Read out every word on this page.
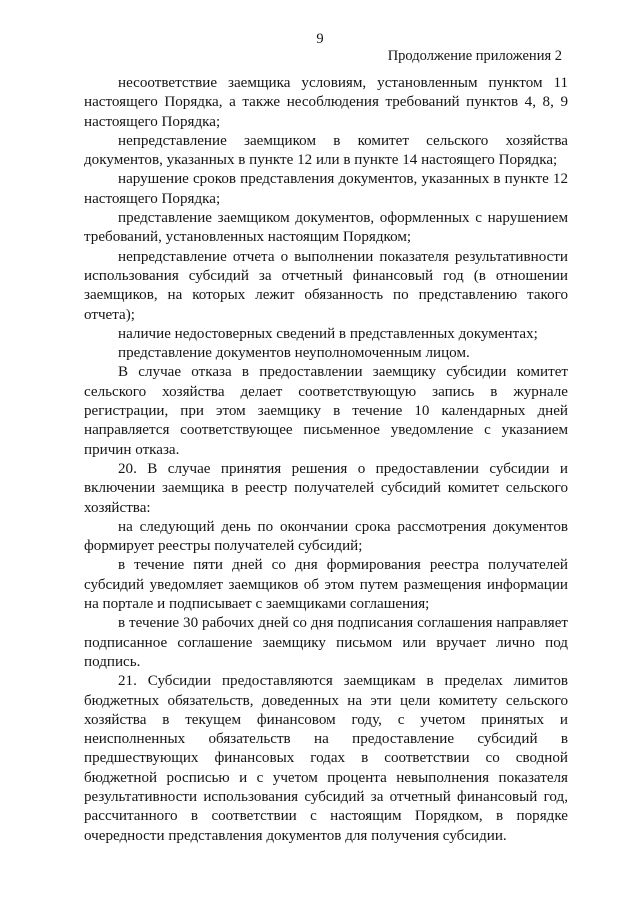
9
Продолжение приложения 2

несоответствие заемщика условиям, установленным пунктом 11 настоящего Порядка, а также несоблюдения требований пунктов 4, 8, 9 настоящего Порядка;

непредставление заемщиком в комитет сельского хозяйства документов, указанных в пункте 12 или в пункте 14 настоящего Порядка;

нарушение сроков представления документов, указанных в пункте 12 настоящего Порядка;

представление заемщиком документов, оформленных с нарушением требований, установленных настоящим Порядком;

непредставление отчета о выполнении показателя результативности использования субсидий за отчетный финансовый год (в отношении заемщиков, на которых лежит обязанность по представлению такого отчета);

наличие недостоверных сведений в представленных документах;

представление документов неуполномоченным лицом.

В случае отказа в предоставлении заемщику субсидии комитет сельского хозяйства делает соответствующую запись в журнале регистрации, при этом заемщику в течение 10 календарных дней направляется соответствующее письменное уведомление с указанием причин отказа.

20. В случае принятия решения о предоставлении субсидии и включении заемщика в реестр получателей субсидий комитет сельского хозяйства:

на следующий день по окончании срока рассмотрения документов формирует реестры получателей субсидий;

в течение пяти дней со дня формирования реестра получателей субсидий уведомляет заемщиков об этом путем размещения информации на портале и подписывает с заемщиками соглашения;

в течение 30 рабочих дней со дня подписания соглашения направляет подписанное соглашение заемщику письмом или вручает лично под подпись.

21. Субсидии предоставляются заемщикам в пределах лимитов бюджетных обязательств, доведенных на эти цели комитету сельского хозяйства в текущем финансовом году, с учетом принятых и неисполненных обязательств на предоставление субсидий в предшествующих финансовых годах в соответствии со сводной бюджетной росписью и с учетом процента невыполнения показателя результативности использования субсидий за отчетный финансовый год, рассчитанного в соответствии с настоящим Порядком, в порядке очередности представления документов для получения субсидии.
